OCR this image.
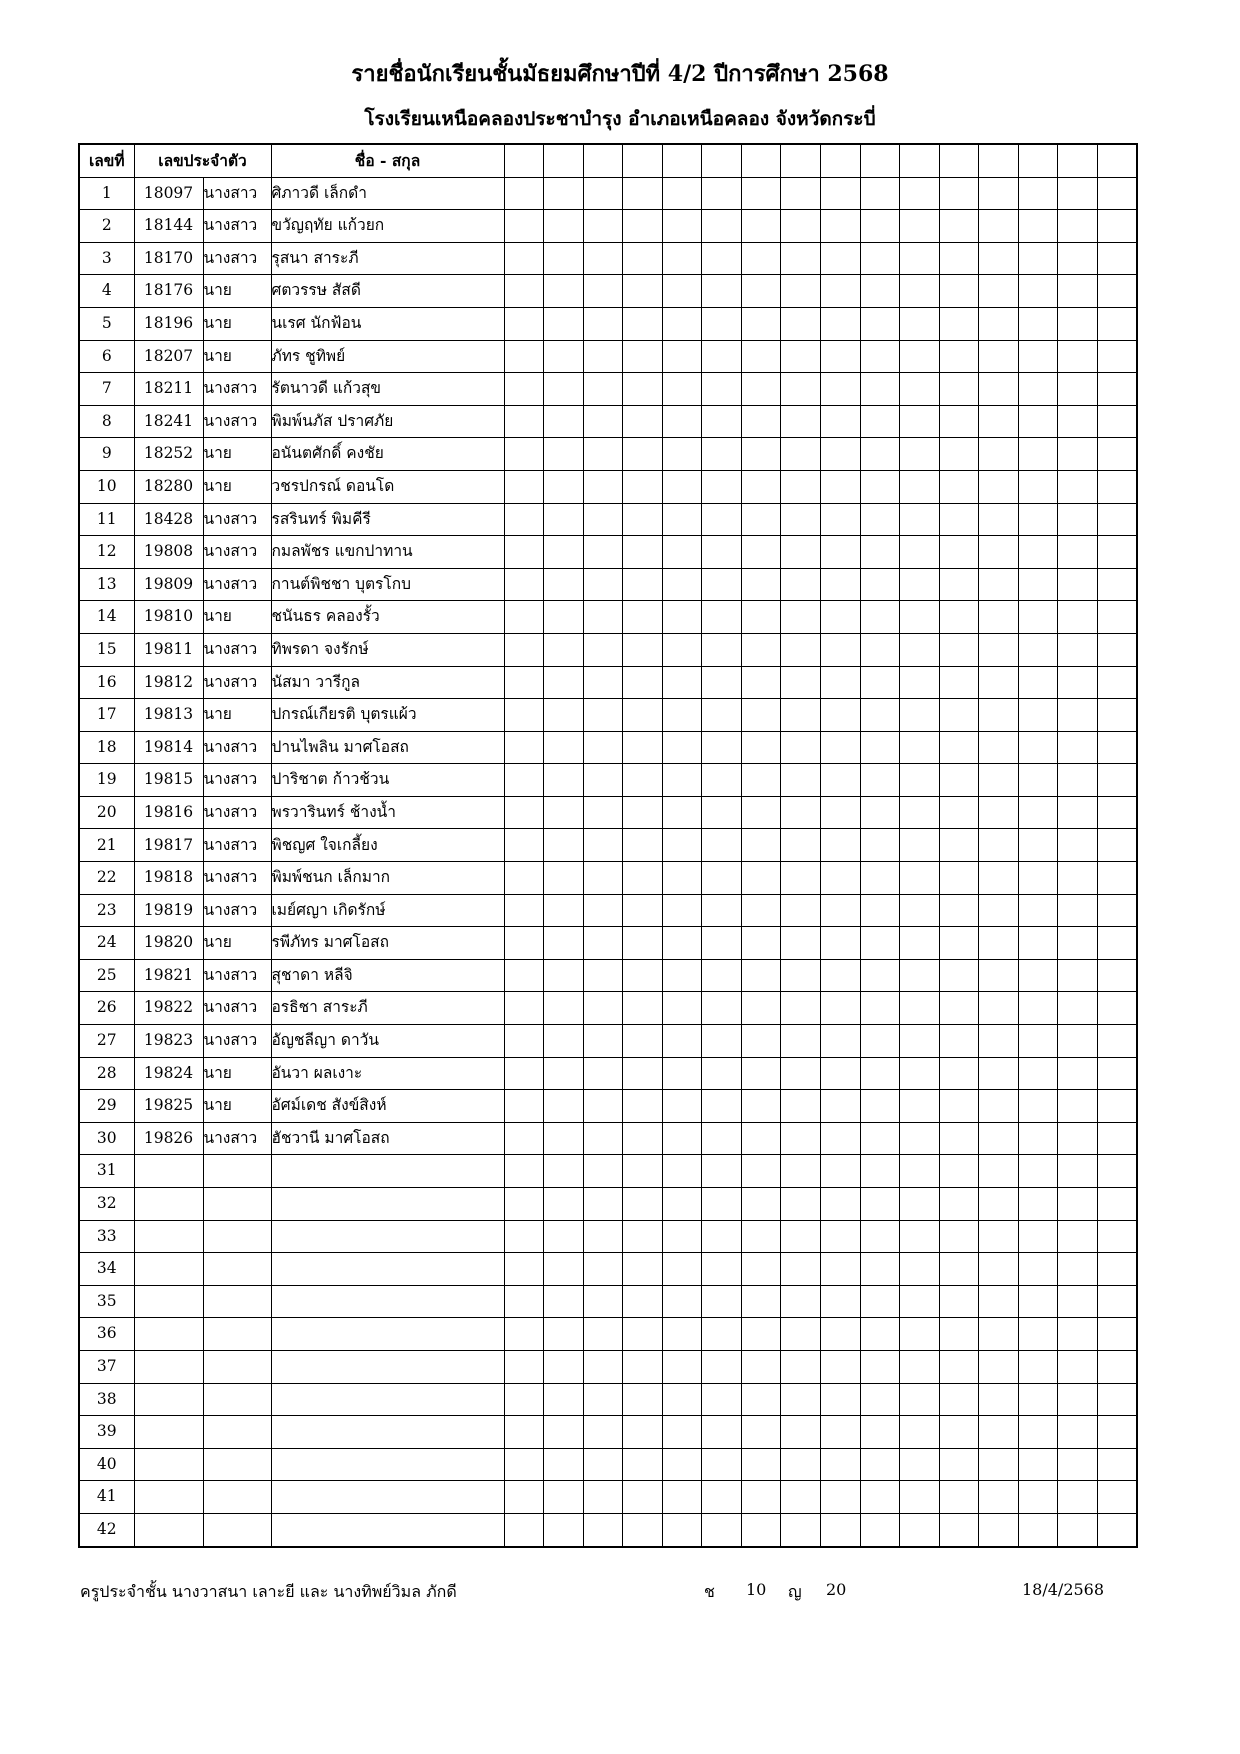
รายชื่อนักเรียนชั้นมัธยมศึกษาปีที่ 4/2 ปีการศึกษา 2568
โรงเรียนเหนือคลองประชาบำรุง อำเภอเหนือคลอง จังหวัดกระบี่
เลขที่	เลขประจำตัว		ชื่อ - สกุล																
1	18097	นางสาว	ศิภาวดี เล็กดำ																
2	18144	นางสาว	ขวัญฤทัย แก้วยก																
3	18170	นางสาว	รุสนา สาระภี																
4	18176	นาย	ศตวรรษ สัสดี																
5	18196	นาย	นเรศ นักฟ้อน																
6	18207	นาย	ภัทร ชูทิพย์																
7	18211	นางสาว	รัตนาวดี แก้วสุข																
8	18241	นางสาว	พิมพ์นภัส ปราศภัย																
9	18252	นาย	อนันตศักดิ์ คงชัย																
10	18280	นาย	วชรปกรณ์ ดอนโด																
11	18428	นางสาว	รสรินทร์ พิมคีรี																
12	19808	นางสาว	กมลพัชร แขกปาทาน																
13	19809	นางสาว	กานต์พิชชา บุตรโกบ																
14	19810	นาย	ชนันธร คลองรั้ว																
15	19811	นางสาว	ทิพรดา จงรักษ์																
16	19812	นางสาว	นัสมา วารีกูล																
17	19813	นาย	ปกรณ์เกียรติ บุตรแผ้ว																
18	19814	นางสาว	ปานไพลิน มาศโอสถ																
19	19815	นางสาว	ปาริชาต ก้าวช้วน																
20	19816	นางสาว	พรวารินทร์ ช้างน้ำ																
21	19817	นางสาว	พิชญศ ใจเกลี้ยง																
22	19818	นางสาว	พิมพ์ชนก เล็กมาก																
23	19819	นางสาว	เมย์ศญา เกิดรักษ์																
24	19820	นาย	รพีภัทร มาศโอสถ																
25	19821	นางสาว	สุชาดา หลีจิ																
26	19822	นางสาว	อรธิชา สาระภี																
27	19823	นางสาว	อัญชลีญา ดาวัน																
28	19824	นาย	อันวา ผลเงาะ																
29	19825	นาย	อัศม์เดช สังข์สิงห์																
30	19826	นางสาว	ฮัชวานี มาศโอสถ																
31																			
32																			
33																			
34																			
35																			
36																			
37																			
38																			
39																			
40																			
41																			
42																			
ครูประจำชั้น นางวาสนา เลาะยี และ นางทิพย์วิมล ภักดี	ช 10 ญ 20	18/4/2568
